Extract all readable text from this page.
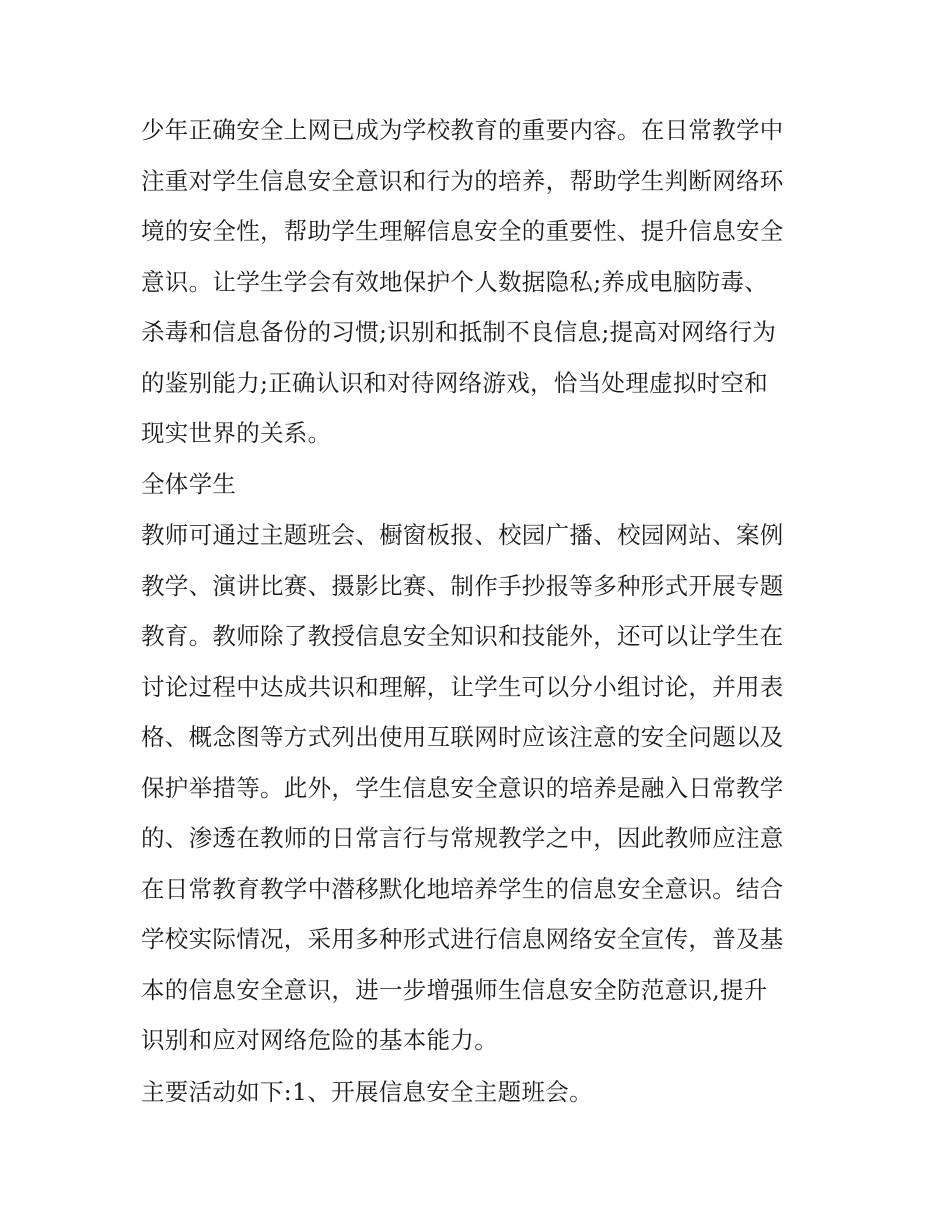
少年正确安全上网已成为学校教育的重要内容。在日常教学中
注重对学生信息安全意识和行为的培养，帮助学生判断网络环
境的安全性，帮助学生理解信息安全的重要性、提升信息安全
意识。让学生学会有效地保护个人数据隐私;养成电脑防毒、
杀毒和信息备份的习惯;识别和抵制不良信息;提高对网络行为
的鉴别能力;正确认识和对待网络游戏，恰当处理虚拟时空和
现实世界的关系。
全体学生
教师可通过主题班会、橱窗板报、校园广播、校园网站、案例
教学、演讲比赛、摄影比赛、制作手抄报等多种形式开展专题
教育。教师除了教授信息安全知识和技能外，还可以让学生在
讨论过程中达成共识和理解，让学生可以分小组讨论，并用表
格、概念图等方式列出使用互联网时应该注意的安全问题以及
保护举措等。此外，学生信息安全意识的培养是融入日常教学
的、渗透在教师的日常言行与常规教学之中，因此教师应注意
在日常教育教学中潜移默化地培养学生的信息安全意识。结合
学校实际情况，采用多种形式进行信息网络安全宣传，普及基
本的信息安全意识，进一步增强师生信息安全防范意识,提升
识别和应对网络危险的基本能力。
主要活动如下:1、开展信息安全主题班会。
